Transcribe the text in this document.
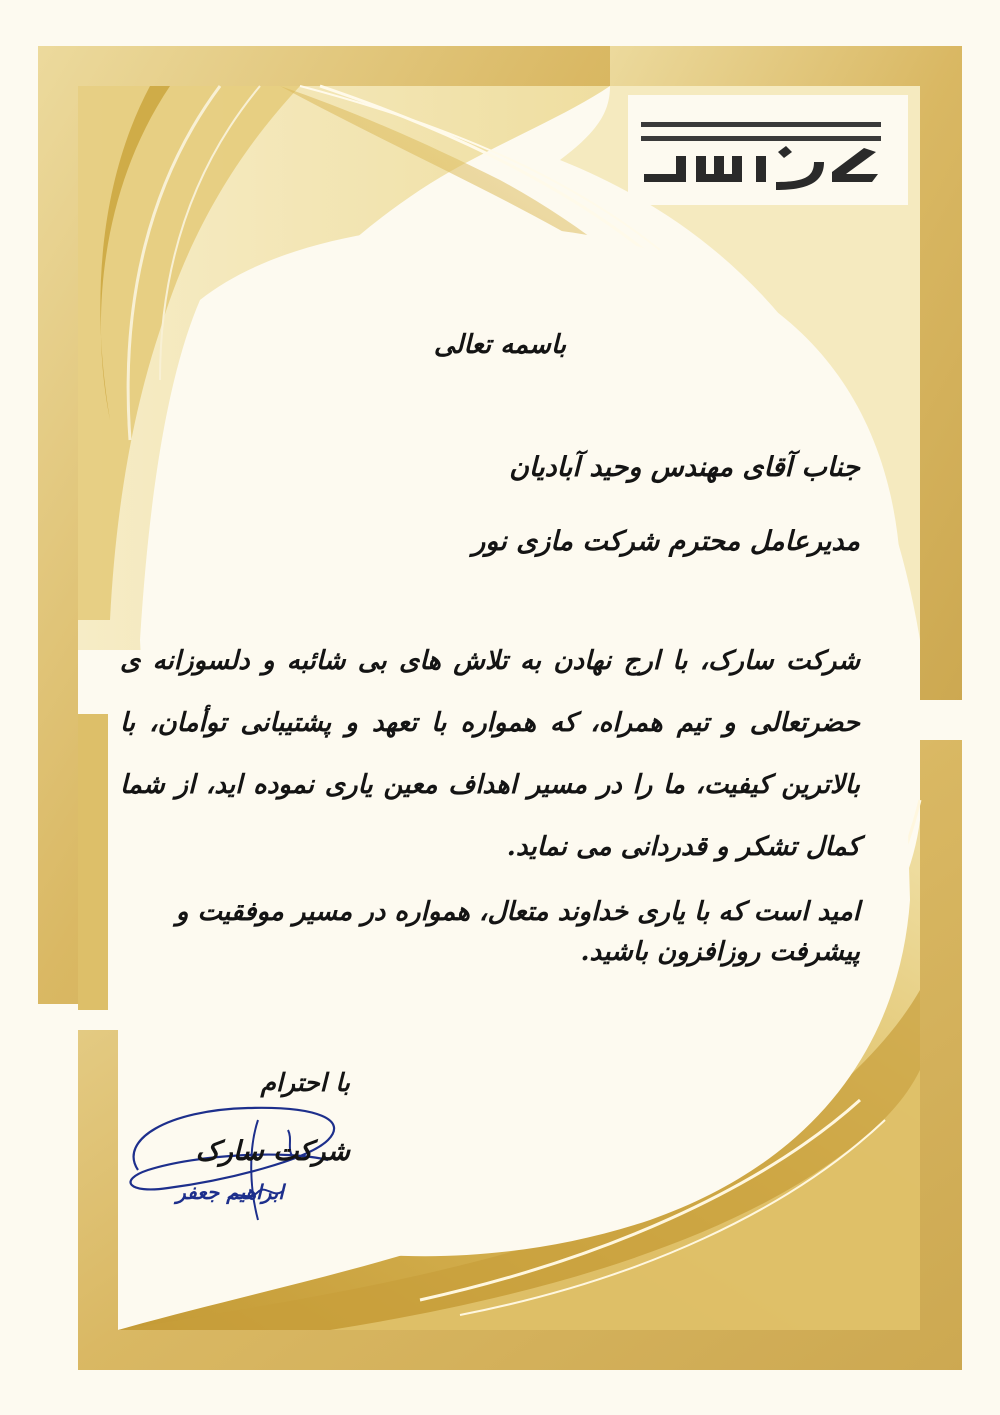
باسمه تعالی
جناب آقای مهندس وحید آبادیان
مدیرعامل محترم شرکت مازی نور
شرکت سارک، با ارج نهادن به تلاش های بی شائبه و دلسوزانه ی حضرتعالی و تیم همراه، که همواره با تعهد و پشتیبانی توأمان، با بالاترین کیفیت، ما را در مسیر اهداف معین یاری نموده اید، از شما کمال تشکر و قدردانی می نماید.
امید است که با یاری خداوند متعال، همواره در مسیر موفقیت و پیشرفت روزافزون باشید.
با احترام
شرکت سارک
ابراهیم جعفر
